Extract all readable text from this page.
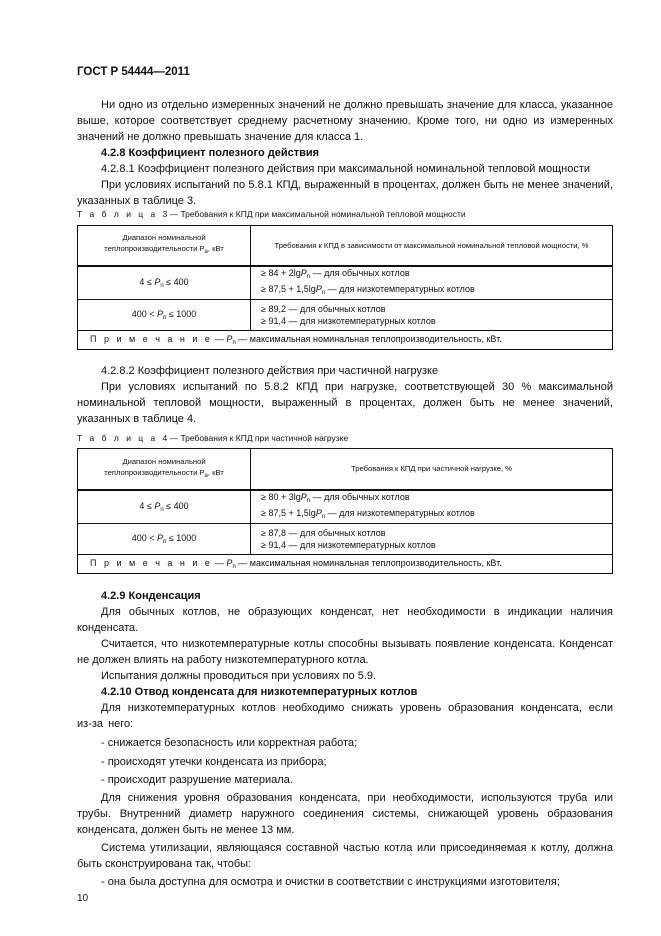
ГОСТ Р 54444—2011
Ни одно из отдельно измеренных значений не должно превышать значение для класса, указанное выше, которое соответствует среднему расчетному значению. Кроме того, ни одно из измеренных значений не должно превышать значение для класса 1.
4.2.8 Коэффициент полезного действия
4.2.8.1 Коэффициент полезного действия при максимальной номинальной тепловой мощности
При условиях испытаний по 5.8.1 КПД, выраженный в процентах, должен быть не менее значений, указанных в таблице 3.
Т а б л и ц а 3 — Требования к КПД при максимальной номинальной тепловой мощности
Диапазон номинальной
теплопроизводительности $P_a$, кВт	Требования к КПД в зависимости от максимальной номинальной тепловой мощности, %
$4 \le P_n \le 400$	≥ 84 + 2lgP$_n$ — для обычных котлов
≥ 87,5 + 1,5lgP$_n$ — для низкотемпературных котлов
$400 < P_n \le 1000$	≥ 89,2 — для обычных котлов
≥ 91,4 — для низкотемпературных котлов
П р и м е ч а н и е — $P_n$ — максимальная номинальная теплопроизводительность, кВт.	
4.2.8.2 Коэффициент полезного действия при частичной нагрузке
При условиях испытаний по 5.8.2 КПД при нагрузке, соответствующей 30 % максимальной номинальной тепловой мощности, выраженный в процентах, должен быть не менее значений, указанных в таблице 4.
Т а б л и ц а 4 — Требования к КПД при частичной нагрузке
Диапазон номинальной
теплопроизводительности $P_a$, кВт	Требования к КПД при частичной нагрузке, %
$4 \le P_n \le 400$	≥ 80 + 3lgP$_n$ — для обычных котлов
≥ 87,5 + 1,5lgP$_n$ — для низкотемпературных котлов
$400 < P_n \le 1000$	≥ 87,8 — для обычных котлов
≥ 91,4 — для низкотемпературных котлов
П р и м е ч а н и е — $P_n$ — максимальная номинальная теплопроизводительность, кВт.	
4.2.9 Конденсация
Для обычных котлов, не образующих конденсат, нет необходимости в индикации наличия конденсата.
Считается, что низкотемпературные котлы способны вызывать появление конденсата. Конденсат не должен влиять на работу низкотемпературного котла.
Испытания должны проводиться при условиях по 5.9.
4.2.10 Отвод конденсата для низкотемпературных котлов
Для низкотемпературных котлов необходимо снижать уровень образования конденсата, если из-за него:
- снижается безопасность или корректная работа;
- происходят утечки конденсата из прибора;
- происходит разрушение материала.
Для снижения уровня образования конденсата, при необходимости, используются труба или трубы. Внутренний диаметр наружного соединения системы, снижающей уровень образования конденсата, должен быть не менее 13 мм.
Система утилизации, являющаяся составной частью котла или присоединяемая к котлу, должна быть сконструирована так, чтобы:
- она была доступна для осмотра и очистки в соответствии с инструкциями изготовителя;
10
